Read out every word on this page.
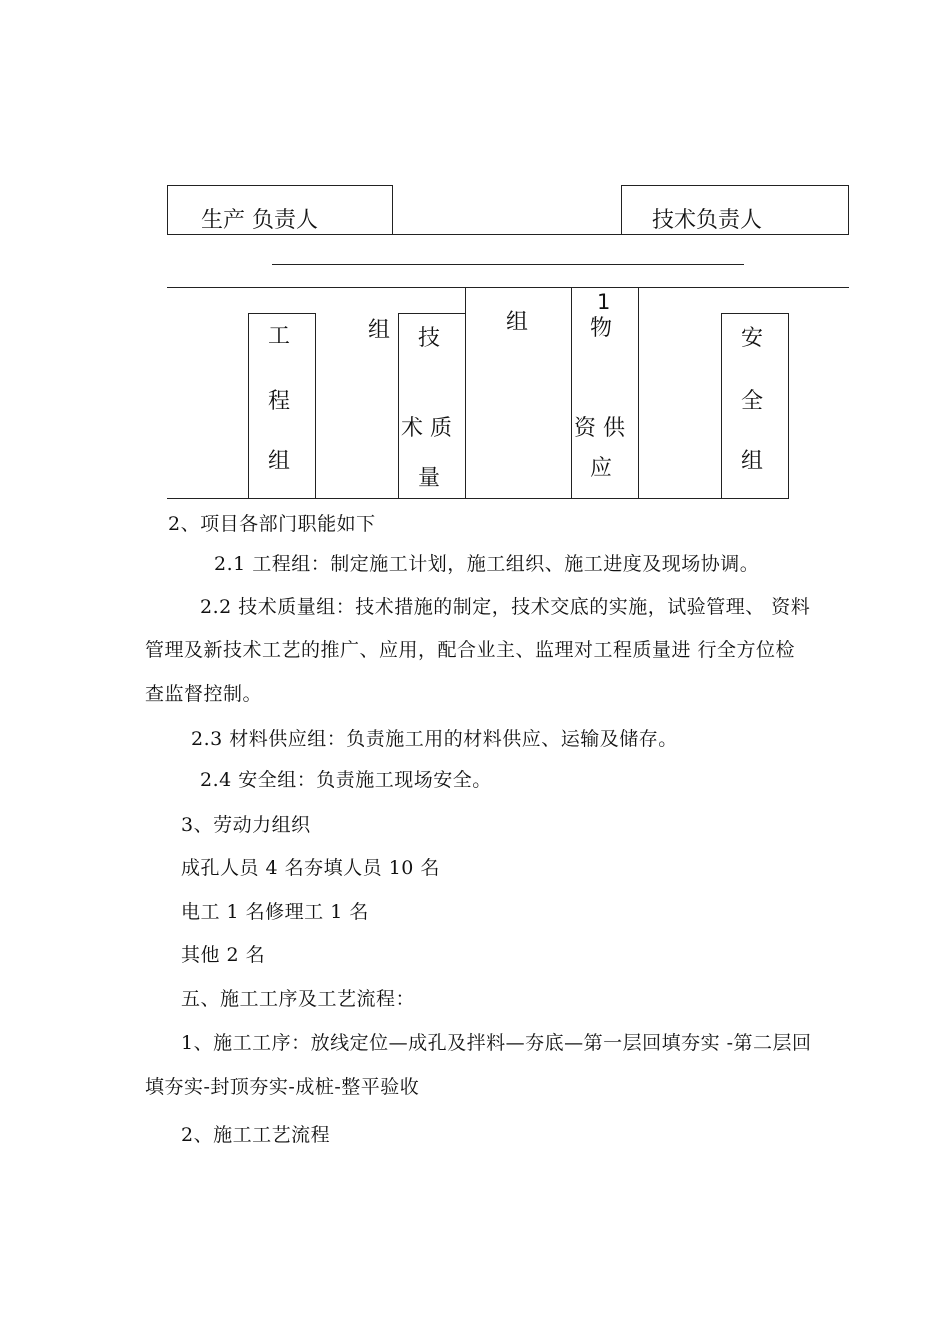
生产 负责人	技术负责人
工
程
组
组 技
术 质
量
组
1
物
资 供
应
安
全
组
2、项目各部门职能如下
2.1 工程组：制定施工计划，施工组织、施工进度及现场协调。
2.2 技术质量组：技术措施的制定，技术交底的实施，试验管理、 资料
管理及新技术工艺的推广、应用，配合业主、监理对工程质量进 行全方位检
查监督控制。
2.3 材料供应组：负责施工用的材料供应、运输及储存。
2.4 安全组：负责施工现场安全。
3、劳动力组织
成孔人员 4 名夯填人员 10 名
电工 1 名修理工 1 名
其他 2 名
五、施工工序及工艺流程：
1、施工工序：放线定位—成孔及拌料—夯底—第一层回填夯实 -第二层回
填夯实-封顶夯实-成桩-整平验收
2、施工工艺流程
